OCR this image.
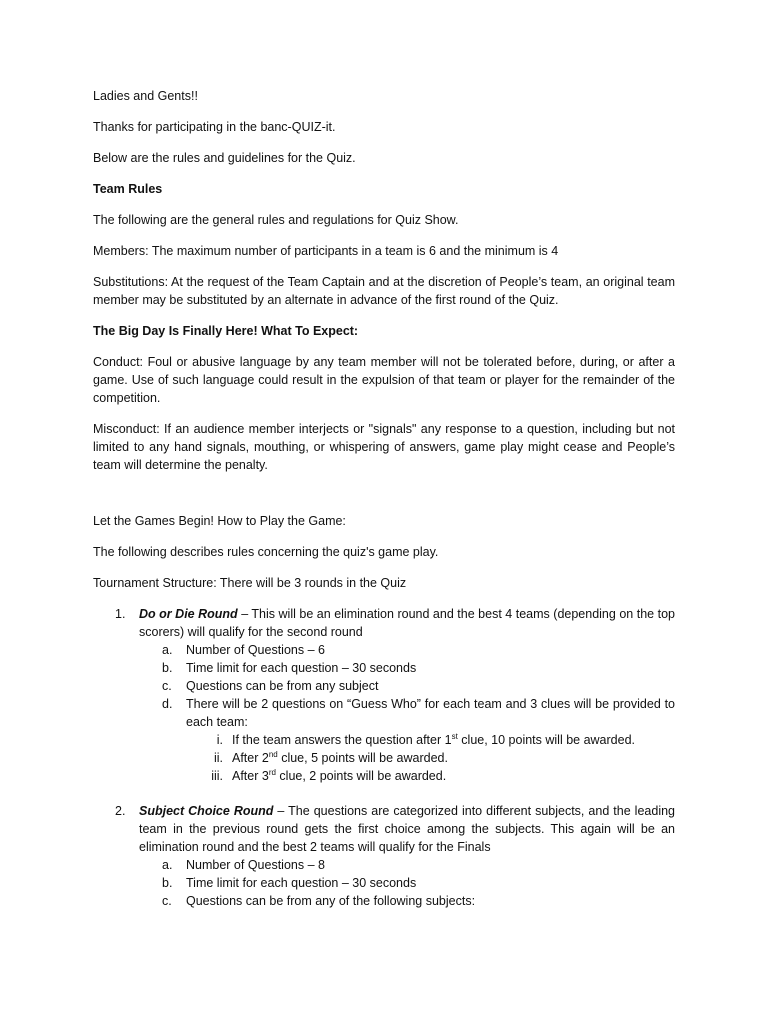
Ladies and Gents!!

Thanks for participating in the banc-QUIZ-it.

Below are the rules and guidelines for the Quiz.

Team Rules

The following are the general rules and regulations for Quiz Show.

Members: The maximum number of participants in a team is 6 and the minimum is 4

Substitutions: At the request of the Team Captain and at the discretion of People’s team, an original team member may be substituted by an alternate in advance of the first round of the Quiz.

The Big Day Is Finally Here! What To Expect:

Conduct: Foul or abusive language by any team member will not be tolerated before, during, or after a game. Use of such language could result in the expulsion of that team or player for the remainder of the competition.

Misconduct: If an audience member interjects or "signals" any response to a question, including but not limited to any hand signals, mouthing, or whispering of answers, game play might cease and People’s team will determine the penalty.

Let the Games Begin! How to Play the Game:

The following describes rules concerning the quiz's game play.

Tournament Structure: There will be 3 rounds in the Quiz

1. Do or Die Round – This will be an elimination round and the best 4 teams (depending on the top scorers) will qualify for the second round
a. Number of Questions – 6
b. Time limit for each question – 30 seconds
c. Questions can be from any subject
d. There will be 2 questions on “Guess Who” for each team and 3 clues will be provided to each team:
i. If the team answers the question after 1st clue, 10 points will be awarded.
ii. After 2nd clue, 5 points will be awarded.
iii. After 3rd clue, 2 points will be awarded.
2. Subject Choice Round – The questions are categorized into different subjects, and the leading team in the previous round gets the first choice among the subjects. This again will be an elimination round and the best 2 teams will qualify for the Finals
a. Number of Questions – 8
b. Time limit for each question – 30 seconds
c. Questions can be from any of the following subjects:
